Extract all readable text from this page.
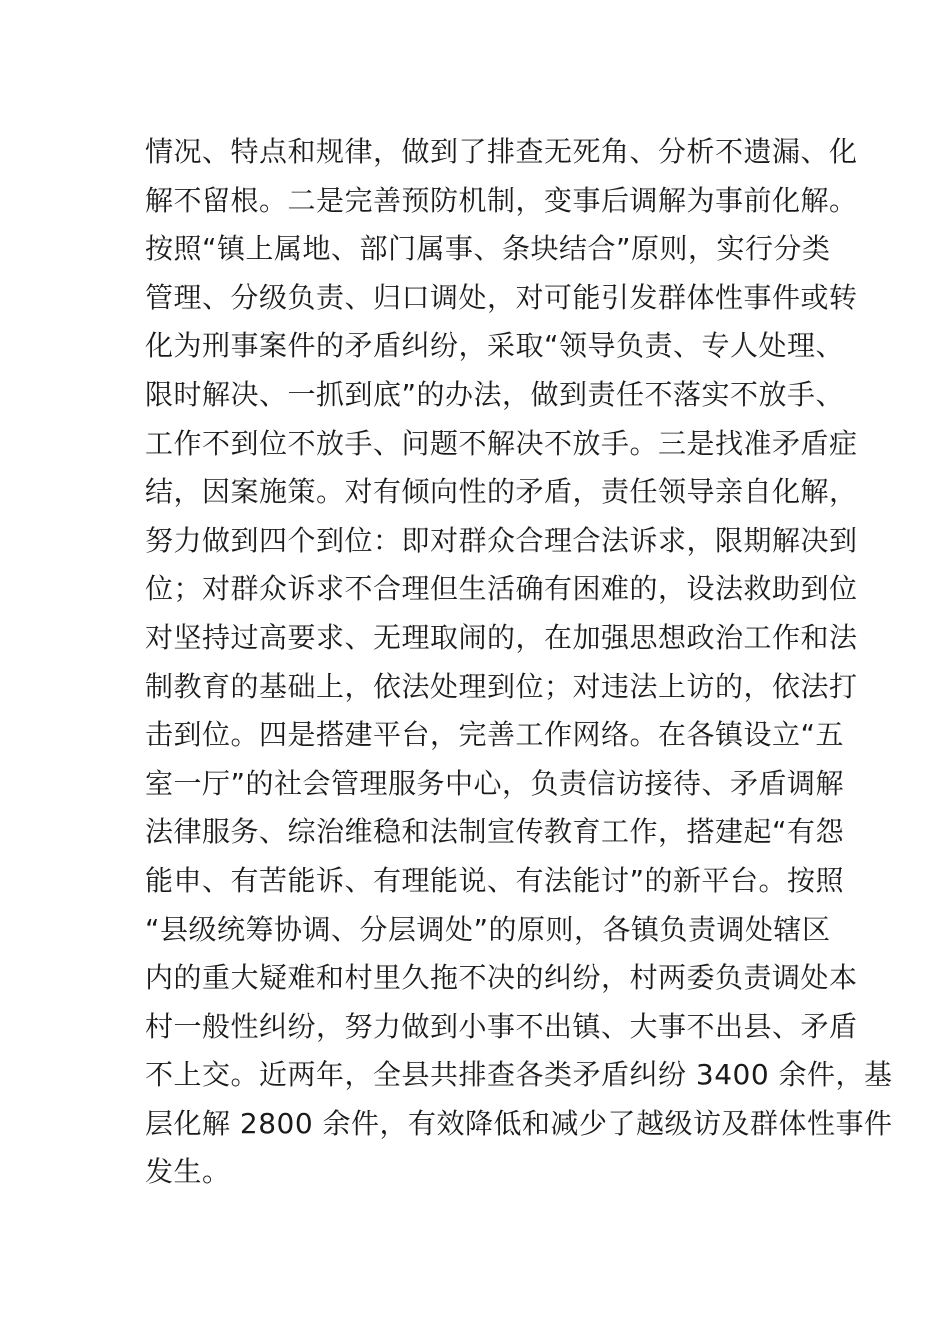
情况、特点和规律，做到了排查无死角、分析不遗漏、化
解不留根。二是完善预防机制，变事后调解为事前化解。
按照“镇上属地、部门属事、条块结合”原则，实行分类
管理、分级负责、归口调处，对可能引发群体性事件或转
化为刑事案件的矛盾纠纷，采取“领导负责、专人处理、
限时解决、一抓到底”的办法，做到责任不落实不放手、
工作不到位不放手、问题不解决不放手。三是找准矛盾症
结，因案施策。对有倾向性的矛盾，责任领导亲自化解，
努力做到四个到位：即对群众合理合法诉求，限期解决到
位；对群众诉求不合理但生活确有困难的，设法救助到位
对坚持过高要求、无理取闹的，在加强思想政治工作和法
制教育的基础上，依法处理到位；对违法上访的，依法打
击到位。四是搭建平台，完善工作网络。在各镇设立“五
室一厅”的社会管理服务中心，负责信访接待、矛盾调解
法律服务、综治维稳和法制宣传教育工作，搭建起“有怨
能申、有苦能诉、有理能说、有法能讨”的新平台。按照
“县级统筹协调、分层调处”的原则，各镇负责调处辖区
内的重大疑难和村里久拖不决的纠纷，村两委负责调处本
村一般性纠纷，努力做到小事不出镇、大事不出县、矛盾
不上交。近两年，全县共排查各类矛盾纠纷 3400 余件，基
层化解 2800 余件，有效降低和减少了越级访及群体性事件
发生。
